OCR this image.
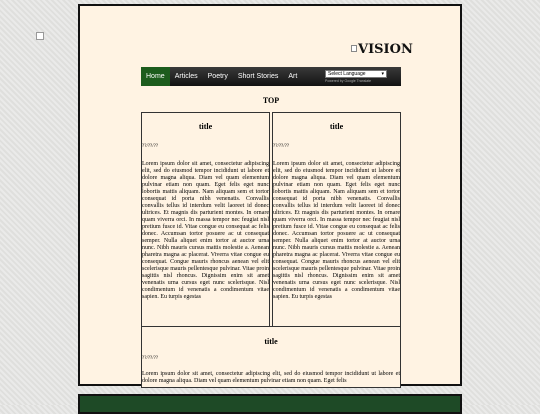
VISION
Home	Articles	Poetry	Short Stories	Art	Select Language	▾
Powered by Google Translate
TOP
title

??/??/??

Lorem ipsum dolor sit amet, consectetur adipiscing elit, sed do eiusmod tempor incididunt ut labore et dolore magna aliqua. Diam vel quam elementum pulvinar etiam non quam. Eget felis eget nunc lobortis mattis aliquam. Nam aliquam sem et tortor consequat id porta nibh venenatis. Convallis convallis tellus id interdum velit laoreet id donec ultrices. Et magnis dis parturient montes. In ornare quam viverra orci. In massa tempor nec feugiat nisl pretium fusce id. Vitae congue eu consequat ac felis donec. Accumsan tortor posuere ac ut consequat semper. Nulla aliquet enim tortor at auctor urna nunc. Nibh mauris cursus mattis molestie a. Aenean pharetra magna ac placerat. Viverra vitae congue eu consequat. Congue mauris rhoncus aenean vel elit scelerisque mauris pellentesque pulvinar. Vitae proin sagittis nisl rhoncus. Dignissim enim sit amet venenatis urna cursus eget nunc scelerisque. Nisl condimentum id venenatis a condimentum vitae sapien. Eu turpis egestas
title

??/??/??

Lorem ipsum dolor sit amet, consectetur adipiscing elit, sed do eiusmod tempor incididunt ut labore et dolore magna aliqua. Diam vel quam elementum pulvinar etiam non quam. Eget felis eget nunc lobortis mattis aliquam. Nam aliquam sem et tortor consequat id porta nibh venenatis. Convallis convallis tellus id interdum velit laoreet id donec ultrices. Et magnis dis parturient montes. In ornare quam viverra orci. In massa tempor nec feugiat nisl pretium fusce id. Vitae congue eu consequat ac felis donec. Accumsan tortor posuere ac ut consequat semper. Nulla aliquet enim tortor at auctor urna nunc. Nibh mauris cursus mattis molestie a. Aenean pharetra magna ac placerat. Viverra vitae congue eu consequat. Congue mauris rhoncus aenean vel elit scelerisque mauris pellentesque pulvinar. Vitae proin sagittis nisl rhoncus. Dignissim enim sit amet venenatis urna cursus eget nunc scelerisque. Nisl condimentum id venenatis a condimentum vitae sapien. Eu turpis egestas
title

??/??/??

Lorem ipsum dolor sit amet, consectetur adipiscing elit, sed do eiusmod tempor incididunt ut labore et dolore magna aliqua. Diam vel quam elementum pulvinar etiam non quam. Eget felis
